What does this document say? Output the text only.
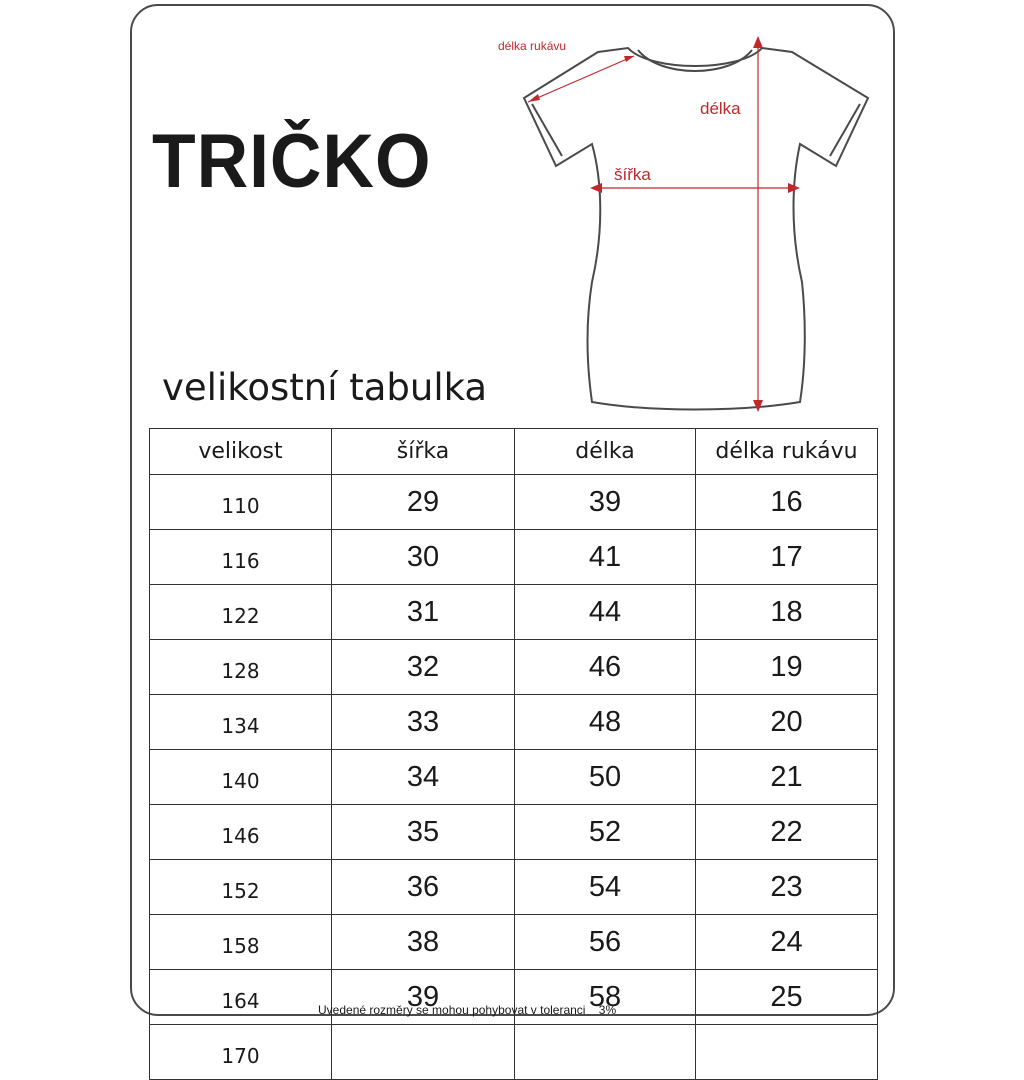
TRIČKO
délka rukávu
délka
šířka
velikostní tabulka
velikost	šířka	délka	délka rukávu
110	29	39	16
116	30	41	17
122	31	44	18
128	32	46	19
134	33	48	20
140	34	50	21
146	35	52	22
152	36	54	23
158	38	56	24
164	39	58	25
170			

Uvedené rozměry se mohou pohybovat v toleranci    3%
